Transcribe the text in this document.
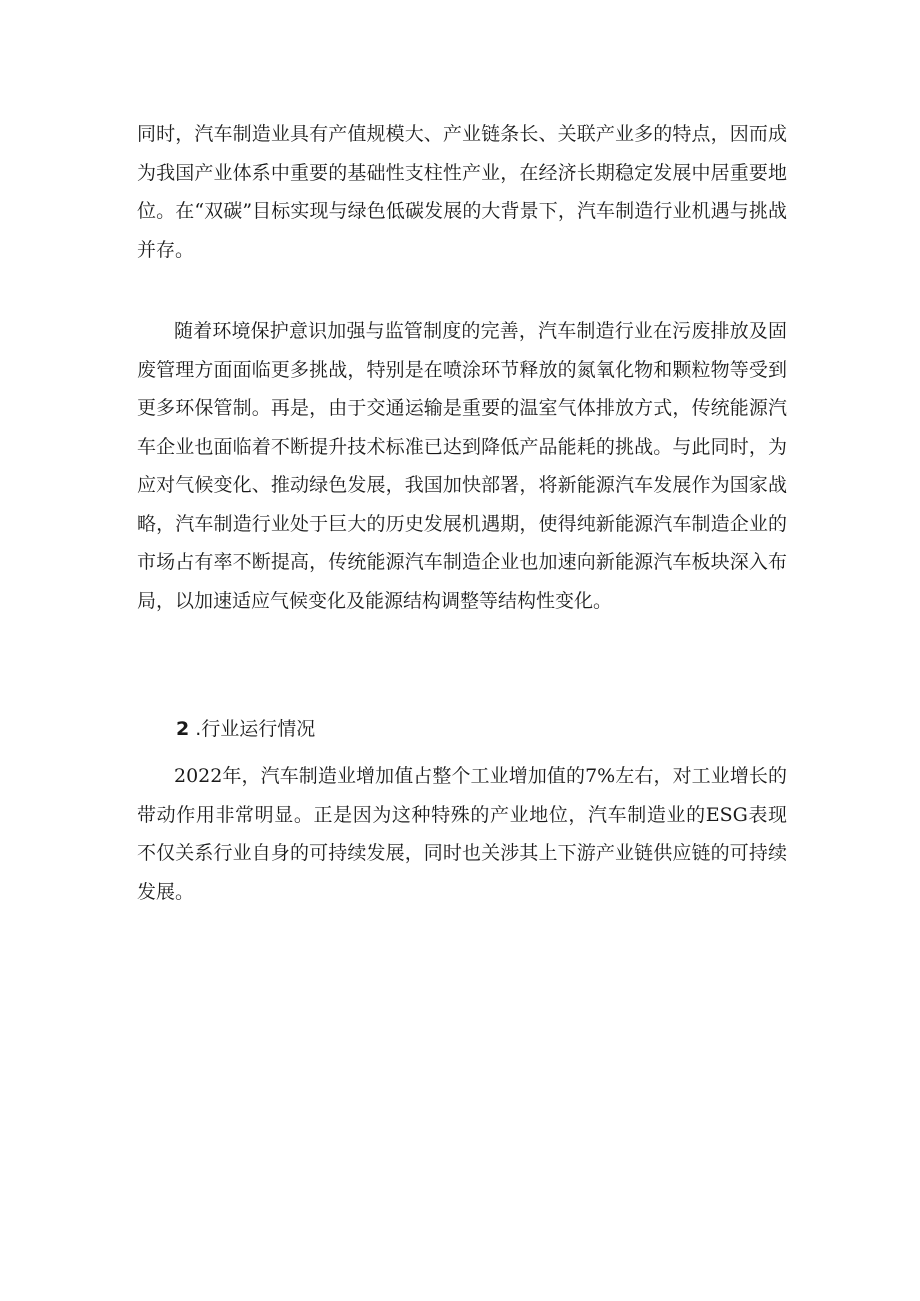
同时，汽车制造业具有产值规模大、产业链条长、关联产业多的特点，因而成为我国产业体系中重要的基础性支柱性产业，在经济长期稳定发展中居重要地位。在“双碳”目标实现与绿色低碳发展的大背景下，汽车制造行业机遇与挑战并存。

随着环境保护意识加强与监管制度的完善，汽车制造行业在污废排放及固废管理方面面临更多挑战，特别是在喷涂环节释放的氮氧化物和颗粒物等受到更多环保管制。再是，由于交通运输是重要的温室气体排放方式，传统能源汽车企业也面临着不断提升技术标准已达到降低产品能耗的挑战。与此同时，为应对气候变化、推动绿色发展，我国加快部署，将新能源汽车发展作为国家战略，汽车制造行业处于巨大的历史发展机遇期，使得纯新能源汽车制造企业的市场占有率不断提高，传统能源汽车制造企业也加速向新能源汽车板块深入布局，以加速适应气候变化及能源结构调整等结构性变化。

2 .行业运行情况

2022年，汽车制造业增加值占整个工业增加值的7%左右，对工业增长的带动作用非常明显。正是因为这种特殊的产业地位，汽车制造业的ESG表现不仅关系行业自身的可持续发展，同时也关涉其上下游产业链供应链的可持续发展。
